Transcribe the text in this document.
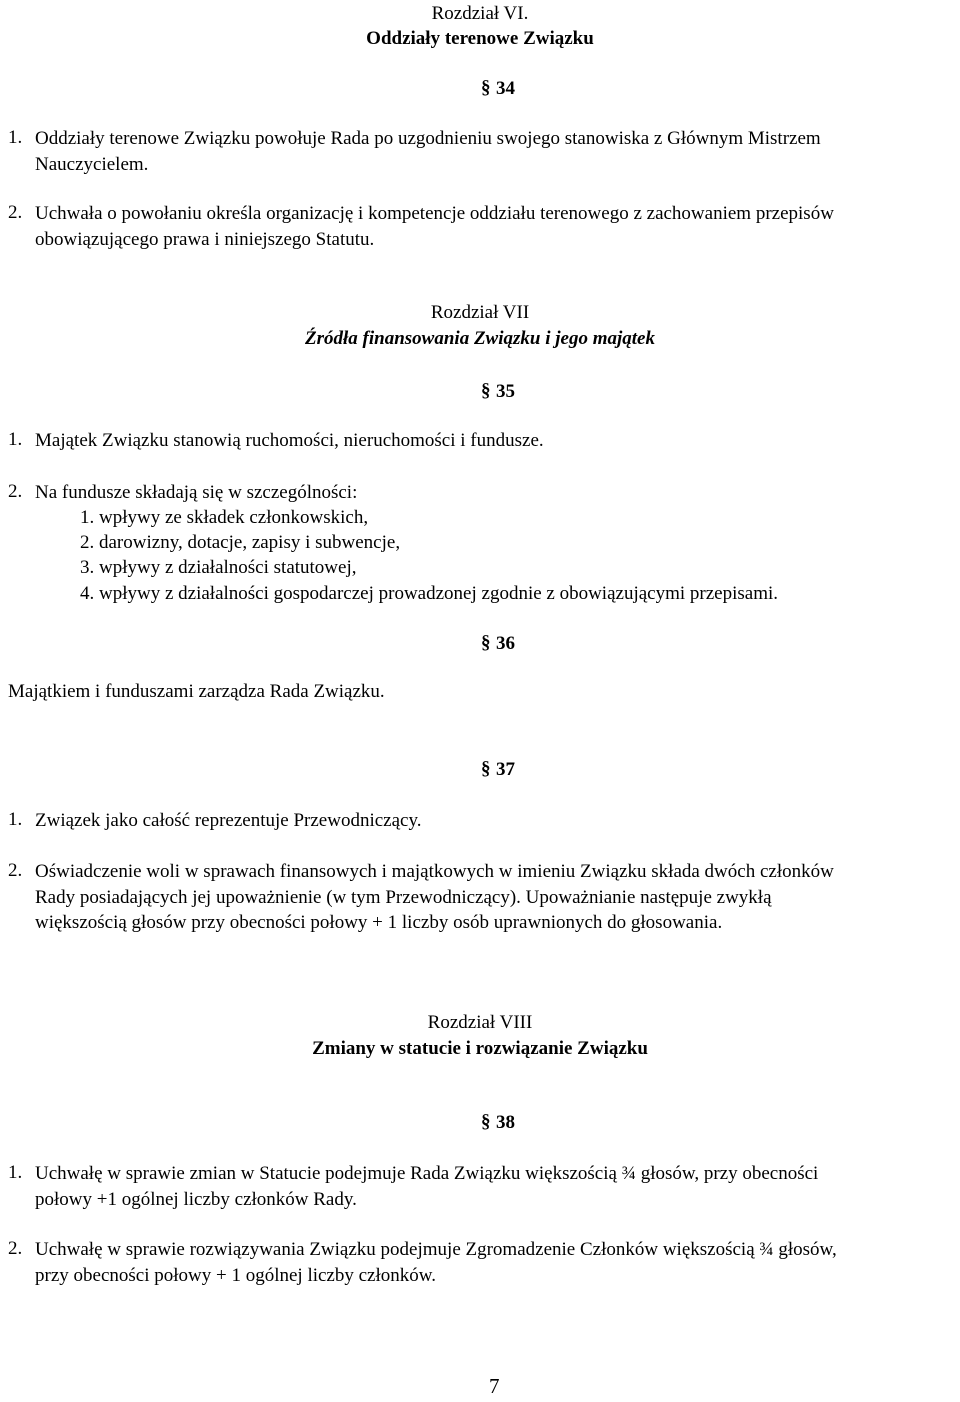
Rozdział VI.
Oddziały terenowe Związku
§ 34
1. Oddziały terenowe Związku powołuje Rada po uzgodnieniu swojego stanowiska z Głównym Mistrzem
Nauczycielem.
2. Uchwała o powołaniu określa organizację i kompetencje oddziału terenowego z zachowaniem przepisów
obowiązującego prawa i niniejszego Statutu.
Rozdział VII
Źródła finansowania Związku i jego majątek
§ 35
1. Majątek Związku stanowią ruchomości, nieruchomości i fundusze.
2. Na fundusze składają się w szczególności:
1. wpływy ze składek członkowskich,
2. darowizny, dotacje, zapisy i subwencje,
3. wpływy z działalności statutowej,
4. wpływy z działalności gospodarczej prowadzonej zgodnie z obowiązującymi przepisami.
§ 36
Majątkiem i funduszami zarządza Rada Związku.
§ 37
1. Związek jako całość reprezentuje Przewodniczący.
2. Oświadczenie woli w sprawach finansowych i majątkowych w imieniu Związku składa dwóch członków
Rady posiadających jej upoważnienie (w tym Przewodniczący). Upoważnianie następuje zwykłą
większością głosów przy obecności połowy + 1 liczby osób uprawnionych do głosowania.
Rozdział VIII
Zmiany w statucie i rozwiązanie Związku
§ 38
1. Uchwałę w sprawie zmian w Statucie podejmuje Rada Związku większością ¾ głosów, przy obecności
połowy +1 ogólnej liczby członków Rady.
2. Uchwałę w sprawie rozwiązywania Związku podejmuje Zgromadzenie Członków większością ¾ głosów,
przy obecności połowy + 1 ogólnej liczby członków.
7
